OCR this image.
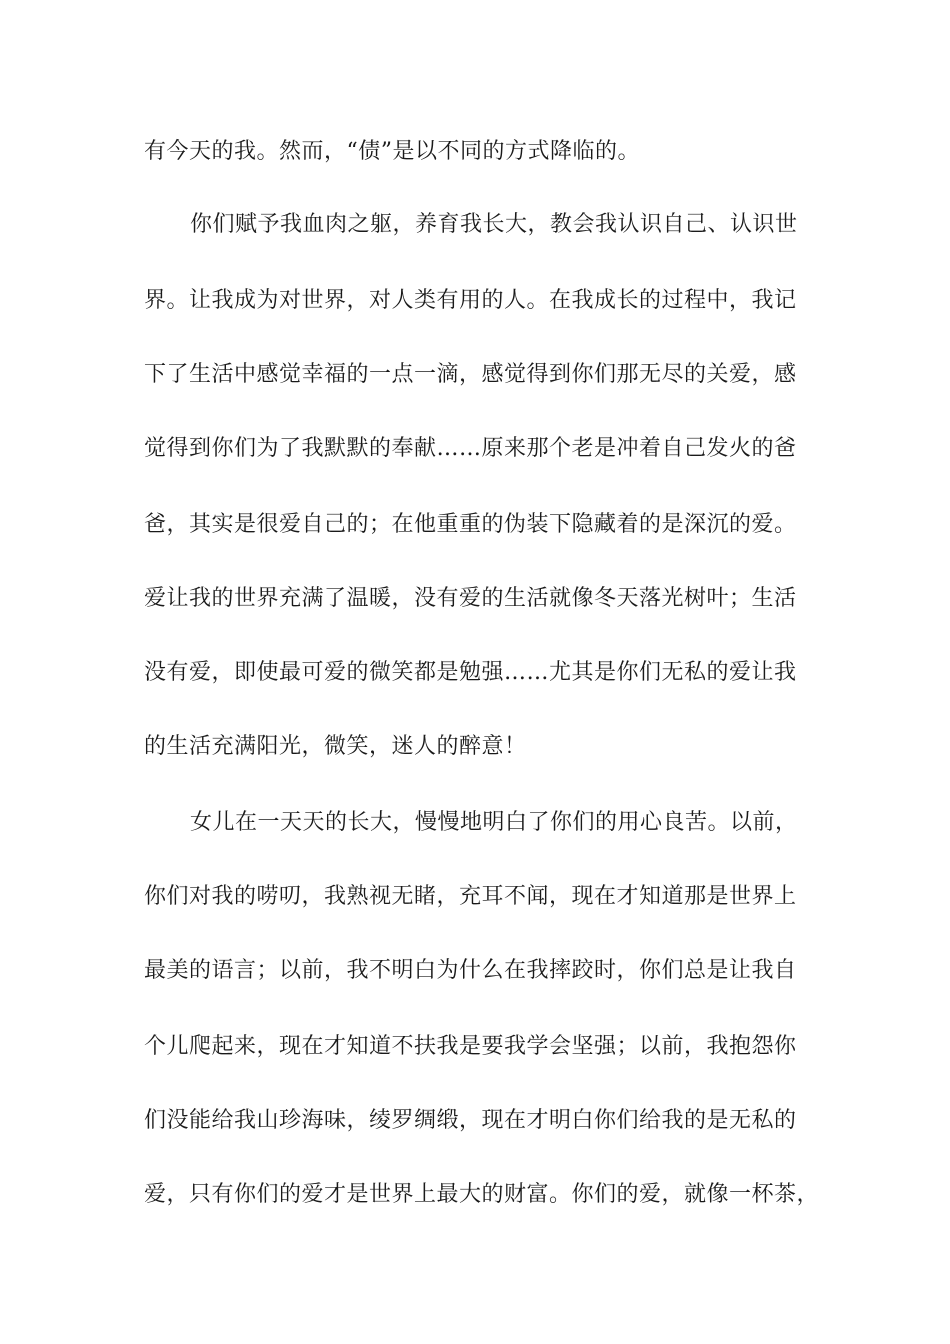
有今天的我。然而，“债”是以不同的方式降临的。
你们赋予我血肉之躯，养育我长大，教会我认识自己、认识世
界。让我成为对世界，对人类有用的人。在我成长的过程中，我记
下了生活中感觉幸福的一点一滴，感觉得到你们那无尽的关爱，感
觉得到你们为了我默默的奉献……原来那个老是冲着自己发火的爸
爸，其实是很爱自己的；在他重重的伪装下隐藏着的是深沉的爱。
爱让我的世界充满了温暖，没有爱的生活就像冬天落光树叶；生活
没有爱，即使最可爱的微笑都是勉强……尤其是你们无私的爱让我
的生活充满阳光，微笑，迷人的醉意！
女儿在一天天的长大，慢慢地明白了你们的用心良苦。以前，
你们对我的唠叨，我熟视无睹，充耳不闻，现在才知道那是世界上
最美的语言；以前，我不明白为什么在我摔跤时，你们总是让我自
个儿爬起来，现在才知道不扶我是要我学会坚强；以前，我抱怨你
们没能给我山珍海味，绫罗绸缎，现在才明白你们给我的是无私的
爱，只有你们的爱才是世界上最大的财富。你们的爱，就像一杯茶，
